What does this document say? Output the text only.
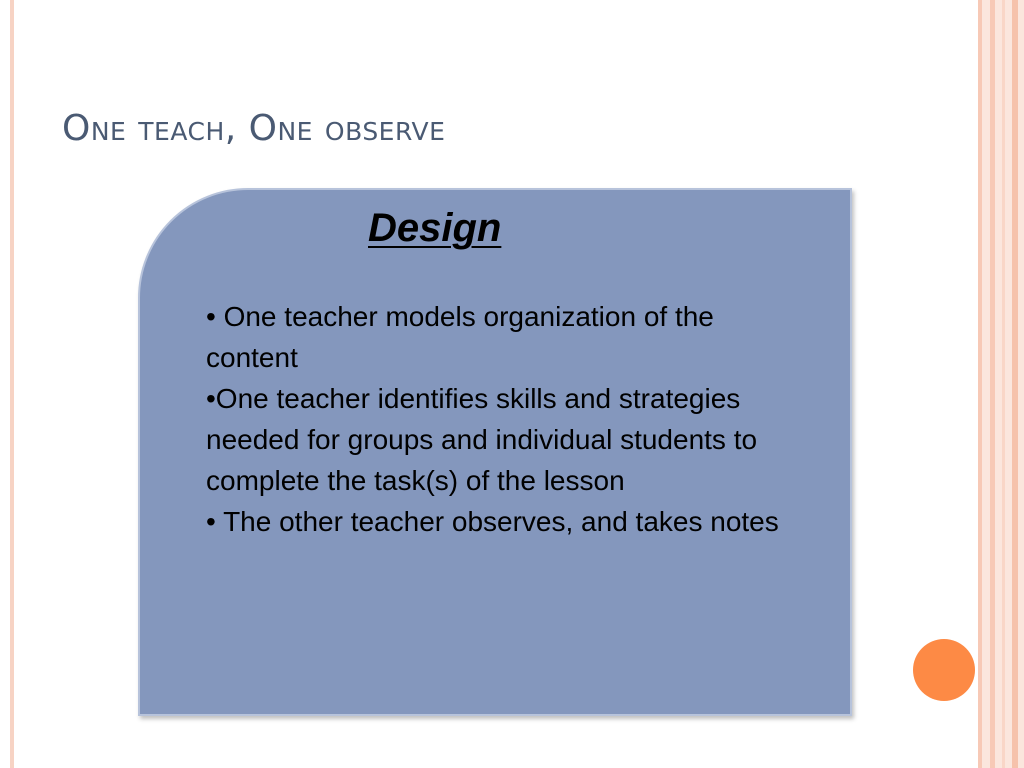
One teach, One observe
Design
• One teacher models organization of the content
•One teacher identifies skills and strategies needed for groups and individual students to complete the task(s) of the lesson
• The other teacher observes, and takes notes
